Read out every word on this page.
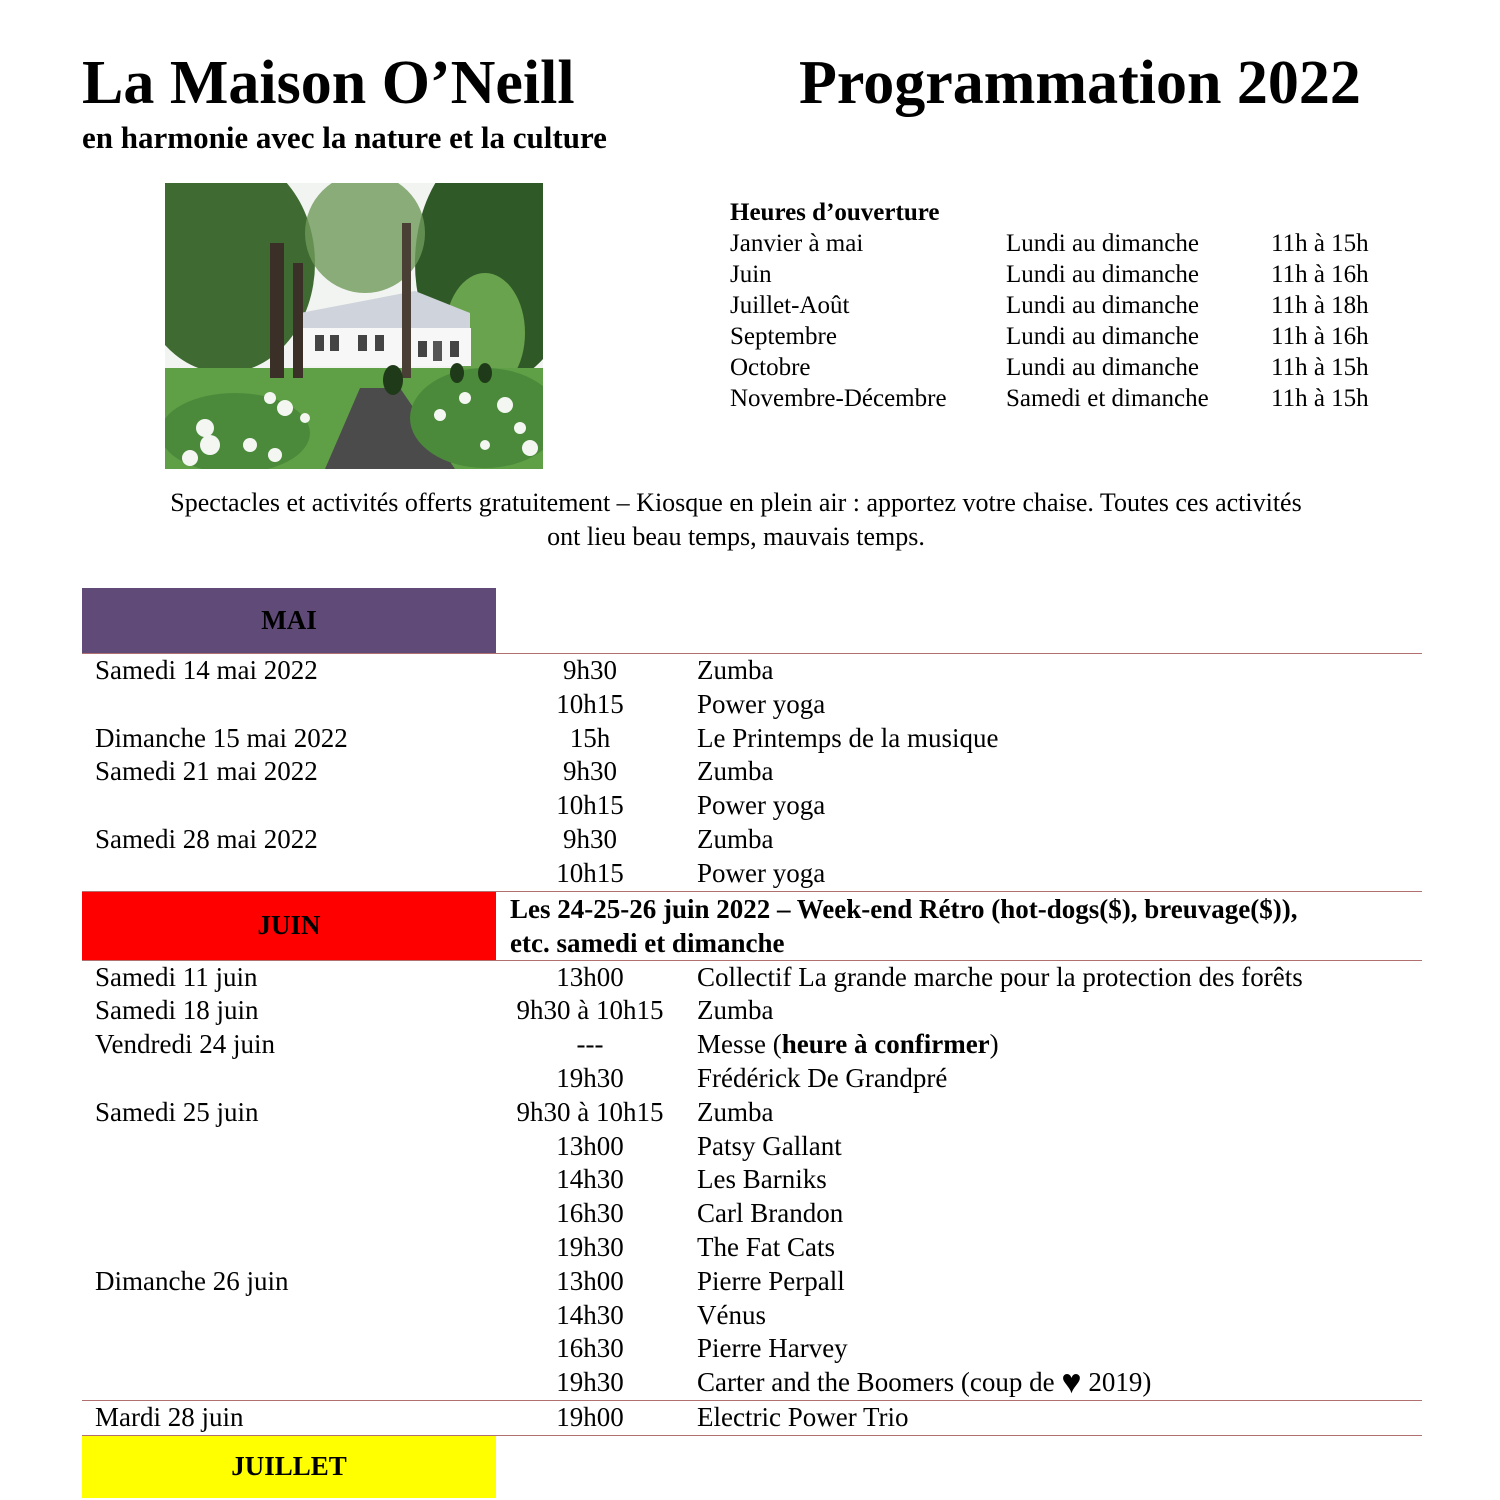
La Maison O’Neill	Programmation 2022
en harmonie avec la nature et la culture
Heures d’ouverture
Janvier à mai	Lundi au dimanche	11h à 15h
Juin	Lundi au dimanche	11h à 16h
Juillet-Août	Lundi au dimanche	11h à 18h
Septembre	Lundi au dimanche	11h à 16h
Octobre	Lundi au dimanche	11h à 15h
Novembre-Décembre	Samedi et dimanche	11h à 15h
Spectacles et activités offerts gratuitement – Kiosque en plein air : apportez votre chaise. Toutes ces activités
ont lieu beau temps, mauvais temps.
MAI
Samedi 14 mai 2022	9h30	Zumba
10h15	Power yoga
Dimanche 15 mai 2022	15h	Le Printemps de la musique
Samedi 21 mai 2022	9h30	Zumba
10h15	Power yoga
Samedi 28 mai 2022	9h30	Zumba
10h15	Power yoga
JUIN
Les 24-25-26 juin 2022 – Week-end Rétro (hot-dogs($), breuvage($)),
etc. samedi et dimanche
Samedi 11 juin	13h00	Collectif La grande marche pour la protection des forêts
Samedi 18 juin	9h30 à 10h15	Zumba
Vendredi 24 juin	---	Messe (heure à confirmer)
19h30	Frédérick De Grandpré
Samedi 25 juin	9h30 à 10h15	Zumba
13h00	Patsy Gallant
14h30	Les Barniks
16h30	Carl Brandon
19h30	The Fat Cats
Dimanche 26 juin	13h00	Pierre Perpall
14h30	Vénus
16h30	Pierre Harvey
19h30	Carter and the Boomers (coup de ♥ 2019)
Mardi 28 juin	19h00	Electric Power Trio
JUILLET
